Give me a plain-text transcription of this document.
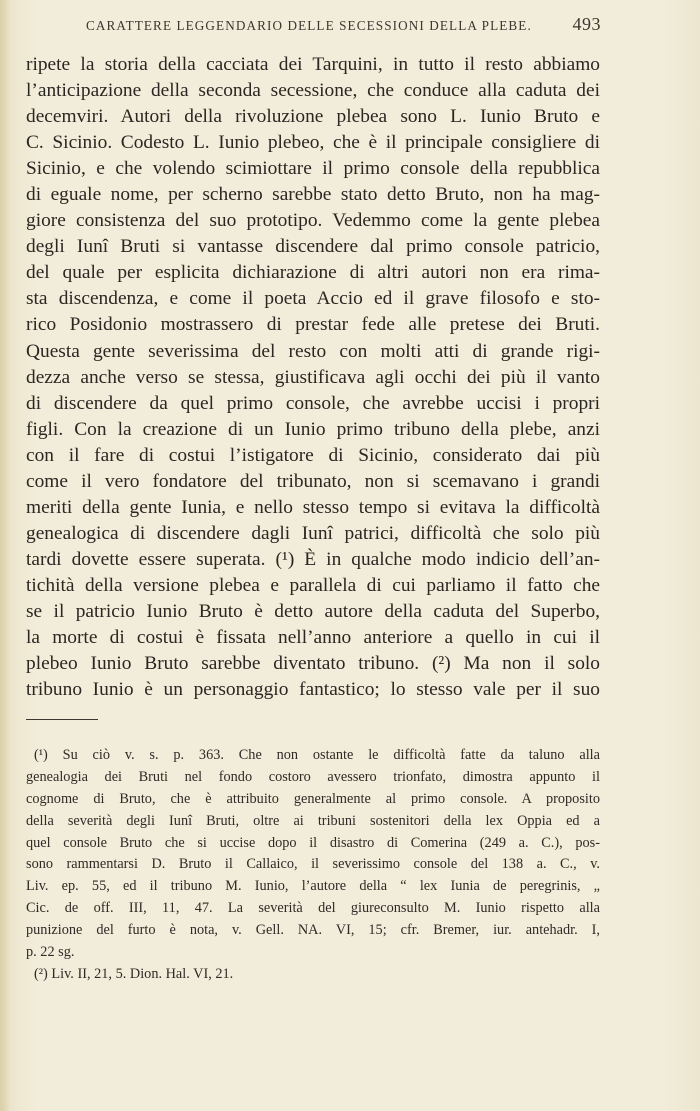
CARATTERE LEGGENDARIO DELLE SECESSIONI DELLA PLEBE. 493
ripete la storia della cacciata dei Tarquini, in tutto il resto abbiamo
l’anticipazione della seconda secessione, che conduce alla caduta dei
decemviri. Autori della rivoluzione plebea sono L. Iunio Bruto e
C. Sicinio. Codesto L. Iunio plebeo, che è il principale consigliere di
Sicinio, e che volendo scimiottare il primo console della repubblica
di eguale nome, per scherno sarebbe stato detto Bruto, non ha mag-
giore consistenza del suo prototipo. Vedemmo come la gente plebea
degli Iunî Bruti si vantasse discendere dal primo console patricio,
del quale per esplicita dichiarazione di altri autori non era rima-
sta discendenza, e come il poeta Accio ed il grave filosofo e sto-
rico Posidonio mostrassero di prestar fede alle pretese dei Bruti.
Questa gente severissima del resto con molti atti di grande rigi-
dezza anche verso se stessa, giustificava agli occhi dei più il vanto
di discendere da quel primo console, che avrebbe uccisi i propri
figli. Con la creazione di un Iunio primo tribuno della plebe, anzi
con il fare di costui l’istigatore di Sicinio, considerato dai più
come il vero fondatore del tribunato, non si scemavano i grandi
meriti della gente Iunia, e nello stesso tempo si evitava la difficoltà
genealogica di discendere dagli Iunî patrici, difficoltà che solo più
tardi dovette essere superata. (¹) È in qualche modo indicio dell’an-
tichità della versione plebea e parallela di cui parliamo il fatto che
se il patricio Iunio Bruto è detto autore della caduta del Superbo,
la morte di costui è fissata nell’anno anteriore a quello in cui il
plebeo Iunio Bruto sarebbe diventato tribuno. (²) Ma non il solo
tribuno Iunio è un personaggio fantastico; lo stesso vale per il suo
(¹) Su ciò v. s. p. 363. Che non ostante le difficoltà fatte da taluno alla
genealogia dei Bruti nel fondo costoro avessero trionfato, dimostra appunto il
cognome di Bruto, che è attribuito generalmente al primo console. A proposito
della severità degli Iunî Bruti, oltre ai tribuni sostenitori della lex Oppia ed a
quel console Bruto che si uccise dopo il disastro di Comerina (249 a. C.), pos-
sono rammentarsi D. Bruto il Callaico, il severissimo console del 138 a. C., v.
Liv. ep. 55, ed il tribuno M. Iunio, l’autore della “ lex Iunia de peregrinis, „
Cic. de off. III, 11, 47. La severità del giureconsulto M. Iunio rispetto alla
punizione del furto è nota, v. Gell. NA. VI, 15; cfr. Bremer, iur. antehadr. I,
p. 22 sg.
(²) Liv. II, 21, 5. Dion. Hal. VI, 21.
